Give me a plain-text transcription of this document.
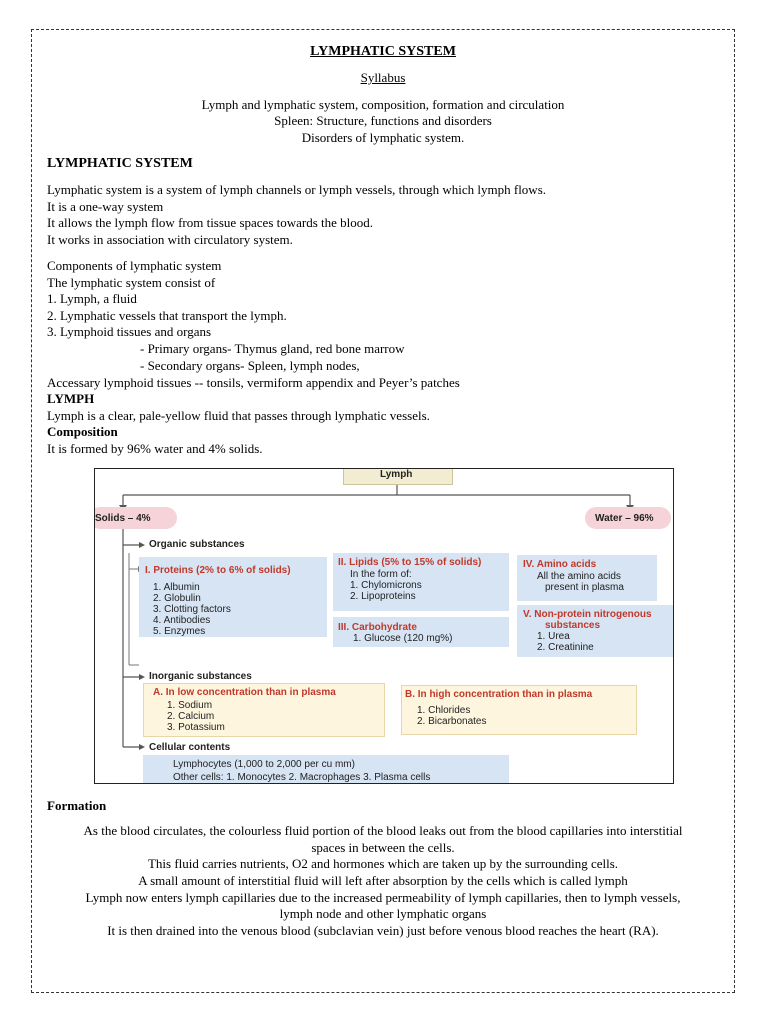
LYMPHATIC SYSTEM
Syllabus
Lymph and lymphatic system, composition, formation and circulation
Spleen: Structure, functions and disorders
Disorders of lymphatic system.
LYMPHATIC SYSTEM
Lymphatic system is a system of lymph channels or lymph vessels, through which lymph flows.
It is a one-way system
It allows the lymph flow from tissue spaces towards the blood.
It works in association with circulatory system.
Components of lymphatic system
The lymphatic system consist of
1. Lymph, a fluid
2. Lymphatic vessels that transport the lymph.
3. Lymphoid tissues and organs
- Primary organs- Thymus gland, red bone marrow
- Secondary organs- Spleen, lymph nodes,
Accessary lymphoid tissues -- tonsils, vermiform appendix and Peyer’s patches
LYMPH
Lymph is a clear, pale-yellow fluid that passes through lymphatic vessels.
Composition
It is formed by 96% water and 4% solids.
Lymph
Solids – 4%	Water – 96%
Organic substances
I. Proteins (2% to 6% of solids)
1. Albumin
2. Globulin
3. Clotting factors
4. Antibodies
5. Enzymes
II. Lipids (5% to 15% of solids)
In the form of:
1. Chylomicrons
2. Lipoproteins
III. Carbohydrate
1. Glucose (120 mg%)
IV. Amino acids
All the amino acids
present in plasma
V. Non-protein nitrogenous
substances
1. Urea
2. Creatinine
Inorganic substances
A. In low concentration than in plasma
1. Sodium
2. Calcium
3. Potassium
B. In high concentration than in plasma
1. Chlorides
2. Bicarbonates
Cellular contents
Lymphocytes (1,000 to 2,000 per cu mm)
Other cells: 1. Monocytes 2. Macrophages 3. Plasma cells
Formation
As the blood circulates, the colourless fluid portion of the blood leaks out from the blood capillaries into interstitial
spaces in between the cells.
This fluid carries nutrients, O2 and hormones which are taken up by the surrounding cells.
A small amount of interstitial fluid will left after absorption by the cells which is called lymph
Lymph now enters lymph capillaries due to the increased permeability of lymph capillaries, then to lymph vessels,
lymph node and other lymphatic organs
It is then drained into the venous blood (subclavian vein) just before venous blood reaches the heart (RA).
